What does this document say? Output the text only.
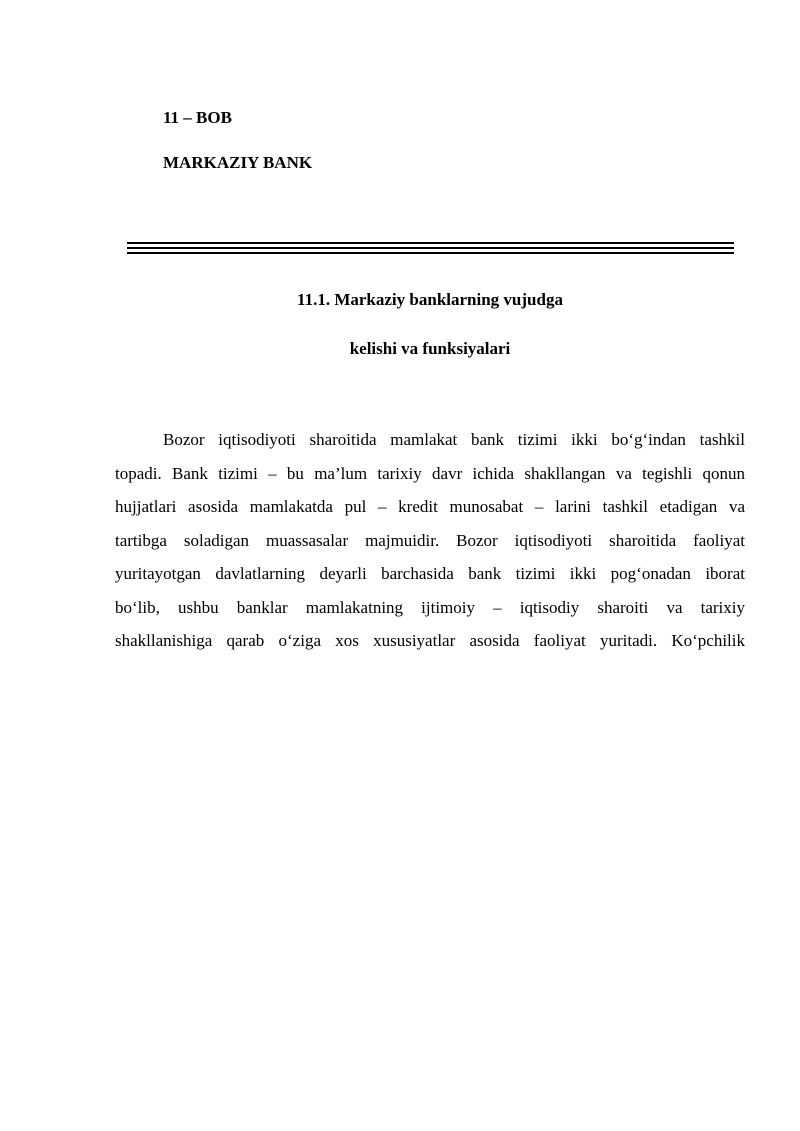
11 – BOB
MARKAZIY BANK
11.1. Markaziy banklarning vujudga
kelishi va funksiyalari
Bozor iqtisodiyoti sharoitida mamlakat bank tizimi ikki bo‘g‘indan tashkil
topadi. Bank tizimi – bu ma’lum tarixiy davr ichida shakllangan va tegishli qonun
hujjatlari asosida mamlakatda pul – kredit munosabat – larini tashkil etadigan va
tartibga soladigan muassasalar majmuidir. Bozor iqtisodiyoti sharoitida faoliyat
yuritayotgan davlatlarning deyarli barchasida bank tizimi ikki pog‘onadan iborat
bo‘lib, ushbu banklar mamlakatning ijtimoiy – iqtisodiy sharoiti va tarixiy
shakllanishiga qarab o‘ziga xos xususiyatlar asosida faoliyat yuritadi. Ko‘pchilik
